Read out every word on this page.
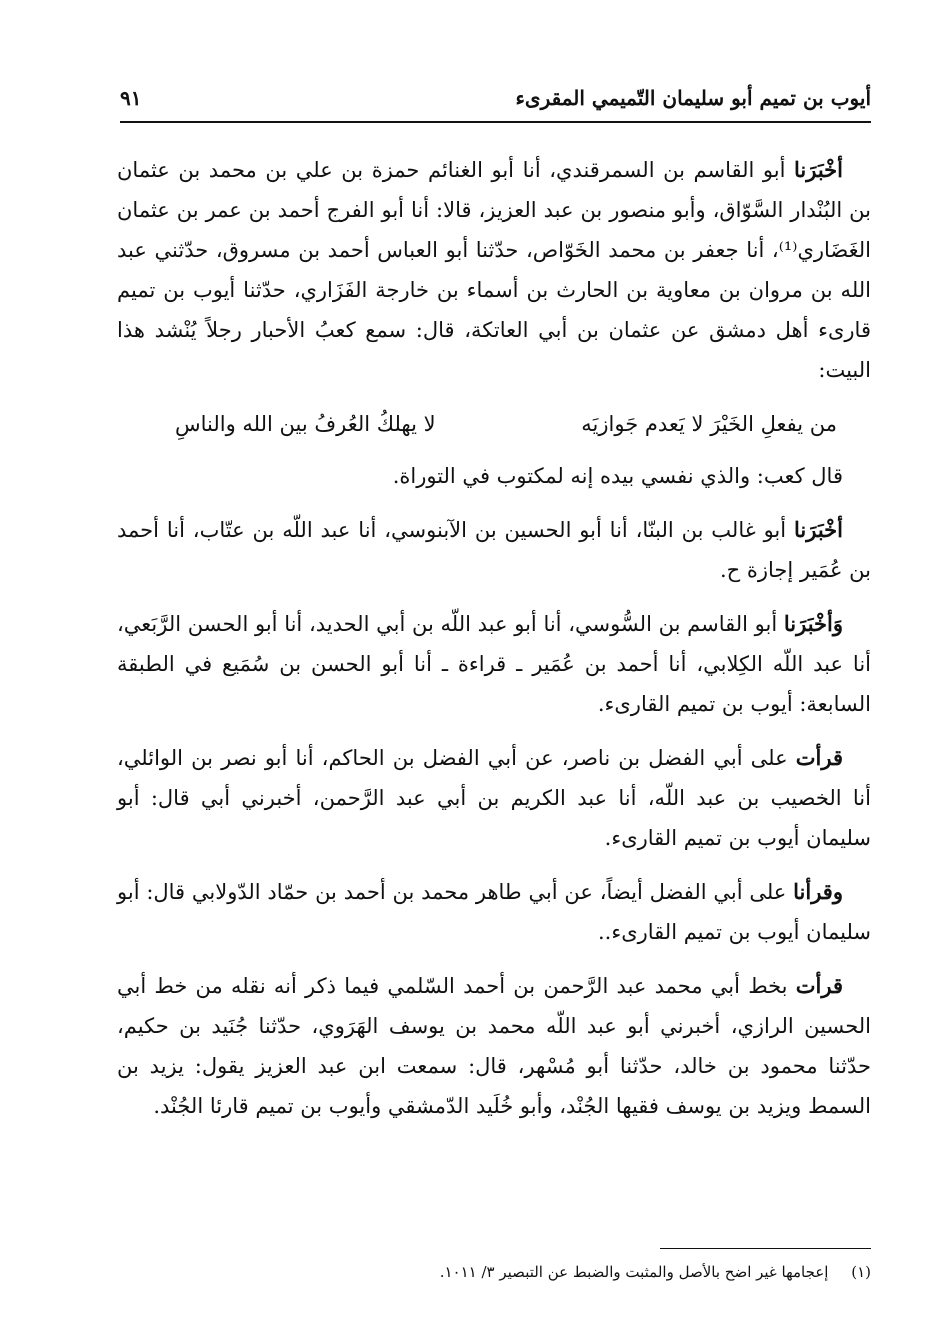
أيوب بن تميم أبو سليمان التّميمي المقرىء
٩١

أخْبَرَنا أبو القاسم بن السمرقندي، أنا أبو الغنائم حمزة بن علي بن محمد بن عثمان بن البُنْدار السَّوّاق، وأبو منصور بن عبد العزيز، قالا: أنا أبو الفرج أحمد بن عمر بن عثمان الغَضَاري⁽¹⁾، أنا جعفر بن محمد الخَوّاص، حدّثنا أبو العباس أحمد بن مسروق، حدّثني عبد الله بن مروان بن معاوية بن الحارث بن أسماء بن خارجة الفَزَاري، حدّثنا أيوب بن تميم قارىء أهل دمشق عن عثمان بن أبي العاتكة، قال: سمع كعبُ الأحبار رجلاً يُنْشد هذا البيت:

من يفعلِ الخَيْرَ لا يَعدم جَوازيَه
لا يهلكُ العُرفُ بين الله والناسِ

قال كعب: والذي نفسي بيده إنه لمكتوب في التوراة.

أخْبَرَنا أبو غالب بن البنّا، أنا أبو الحسين بن الآبنوسي، أنا عبد اللّه بن عتّاب، أنا أحمد بن عُمَير إجازة ح.

وَأخْبَرَنا أبو القاسم بن السُّوسي، أنا أبو عبد اللّه بن أبي الحديد، أنا أبو الحسن الرَّبَعي، أنا عبد اللّه الكِلابي، أنا أحمد بن عُمَير ـ قراءة ـ أنا أبو الحسن بن سُمَيع في الطبقة السابعة: أيوب بن تميم القارىء.

قرأت على أبي الفضل بن ناصر، عن أبي الفضل بن الحاكم، أنا أبو نصر بن الوائلي، أنا الخصيب بن عبد اللّه، أنا عبد الكريم بن أبي عبد الرَّحمن، أخبرني أبي قال: أبو سليمان أيوب بن تميم القارىء.

وقرأنا على أبي الفضل أيضاً، عن أبي طاهر محمد بن أحمد بن حمّاد الدّولابي قال: أبو سليمان أيوب بن تميم القارىء..

قرأت بخط أبي محمد عبد الرَّحمن بن أحمد السّلمي فيما ذكر أنه نقله من خط أبي الحسين الرازي، أخبرني أبو عبد اللّه محمد بن يوسف الهَرَوي، حدّثنا جُنَيد بن حكيم، حدّثنا محمود بن خالد، حدّثنا أبو مُسْهر، قال: سمعت ابن عبد العزيز يقول: يزيد بن السمط ويزيد بن يوسف فقيها الجُنْد، وأبو خُلَيد الدّمشقي وأيوب بن تميم قارئا الجُنْد.

(١) إعجامها غير اضح بالأصل والمثبت والضبط عن التبصير ٣/ ١٠١١.
